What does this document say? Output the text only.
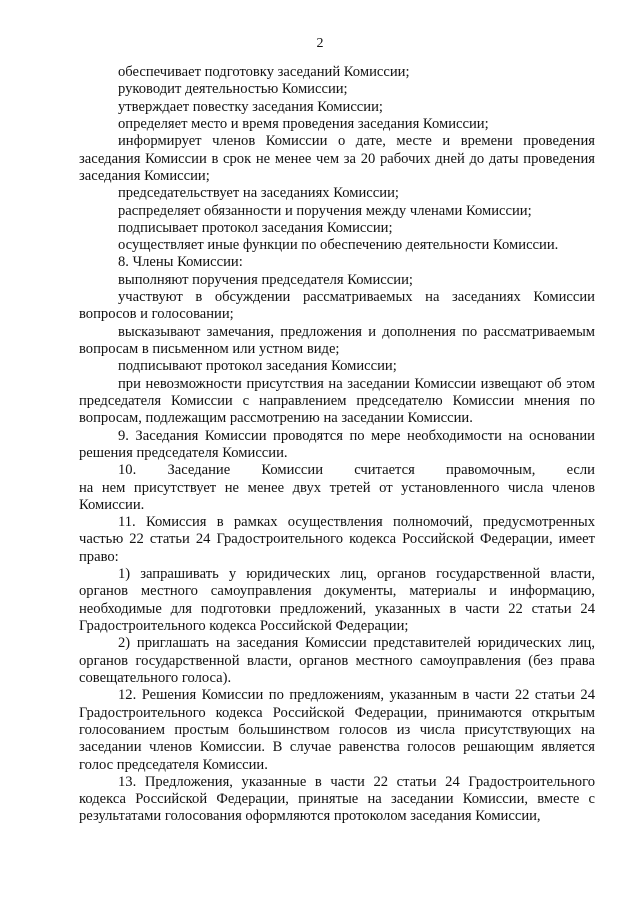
2

обеспечивает подготовку заседаний Комиссии;

руководит деятельностью Комиссии;

утверждает повестку заседания Комиссии;

определяет место и время проведения заседания Комиссии;

информирует членов Комиссии о дате, месте и времени проведения заседания Комиссии в срок не менее чем за 20 рабочих дней до даты проведения заседания Комиссии;

председательствует на заседаниях Комиссии;

распределяет обязанности и поручения между членами Комиссии;

подписывает протокол заседания Комиссии;

осуществляет иные функции по обеспечению деятельности Комиссии.

8. Члены Комиссии:

выполняют поручения председателя Комиссии;

участвуют в обсуждении рассматриваемых на заседаниях Комиссии вопросов и голосовании;

высказывают замечания, предложения и дополнения по рассматриваемым вопросам в письменном или устном виде;

подписывают протокол заседания Комиссии;

при невозможности присутствия на заседании Комиссии извещают об этом председателя Комиссии с направлением председателю Комиссии мнения по вопросам, подлежащим рассмотрению на заседании Комиссии.

9. Заседания Комиссии проводятся по мере необходимости на основании решения председателя Комиссии.

10. Заседание Комиссии считается правомочным, если

на нем присутствует не менее двух третей от установленного числа членов Комиссии.

11. Комиссия в рамках осуществления полномочий, предусмотренных частью 22 статьи 24 Градостроительного кодекса Российской Федерации, имеет право:

1) запрашивать у юридических лиц, органов государственной власти, органов местного самоуправления документы, материалы и информацию, необходимые для подготовки предложений, указанных в части 22 статьи 24 Градостроительного кодекса Российской Федерации;

2) приглашать на заседания Комиссии представителей юридических лиц, органов государственной власти, органов местного самоуправления (без права совещательного голоса).

12. Решения Комиссии по предложениям, указанным в части 22 статьи 24 Градостроительного кодекса Российской Федерации, принимаются открытым голосованием простым большинством голосов из числа присутствующих на заседании членов Комиссии. В случае равенства голосов решающим является голос председателя Комиссии.

13. Предложения, указанные в части 22 статьи 24 Градостроительного кодекса Российской Федерации, принятые на заседании Комиссии, вместе с результатами голосования оформляются протоколом заседания Комиссии,
